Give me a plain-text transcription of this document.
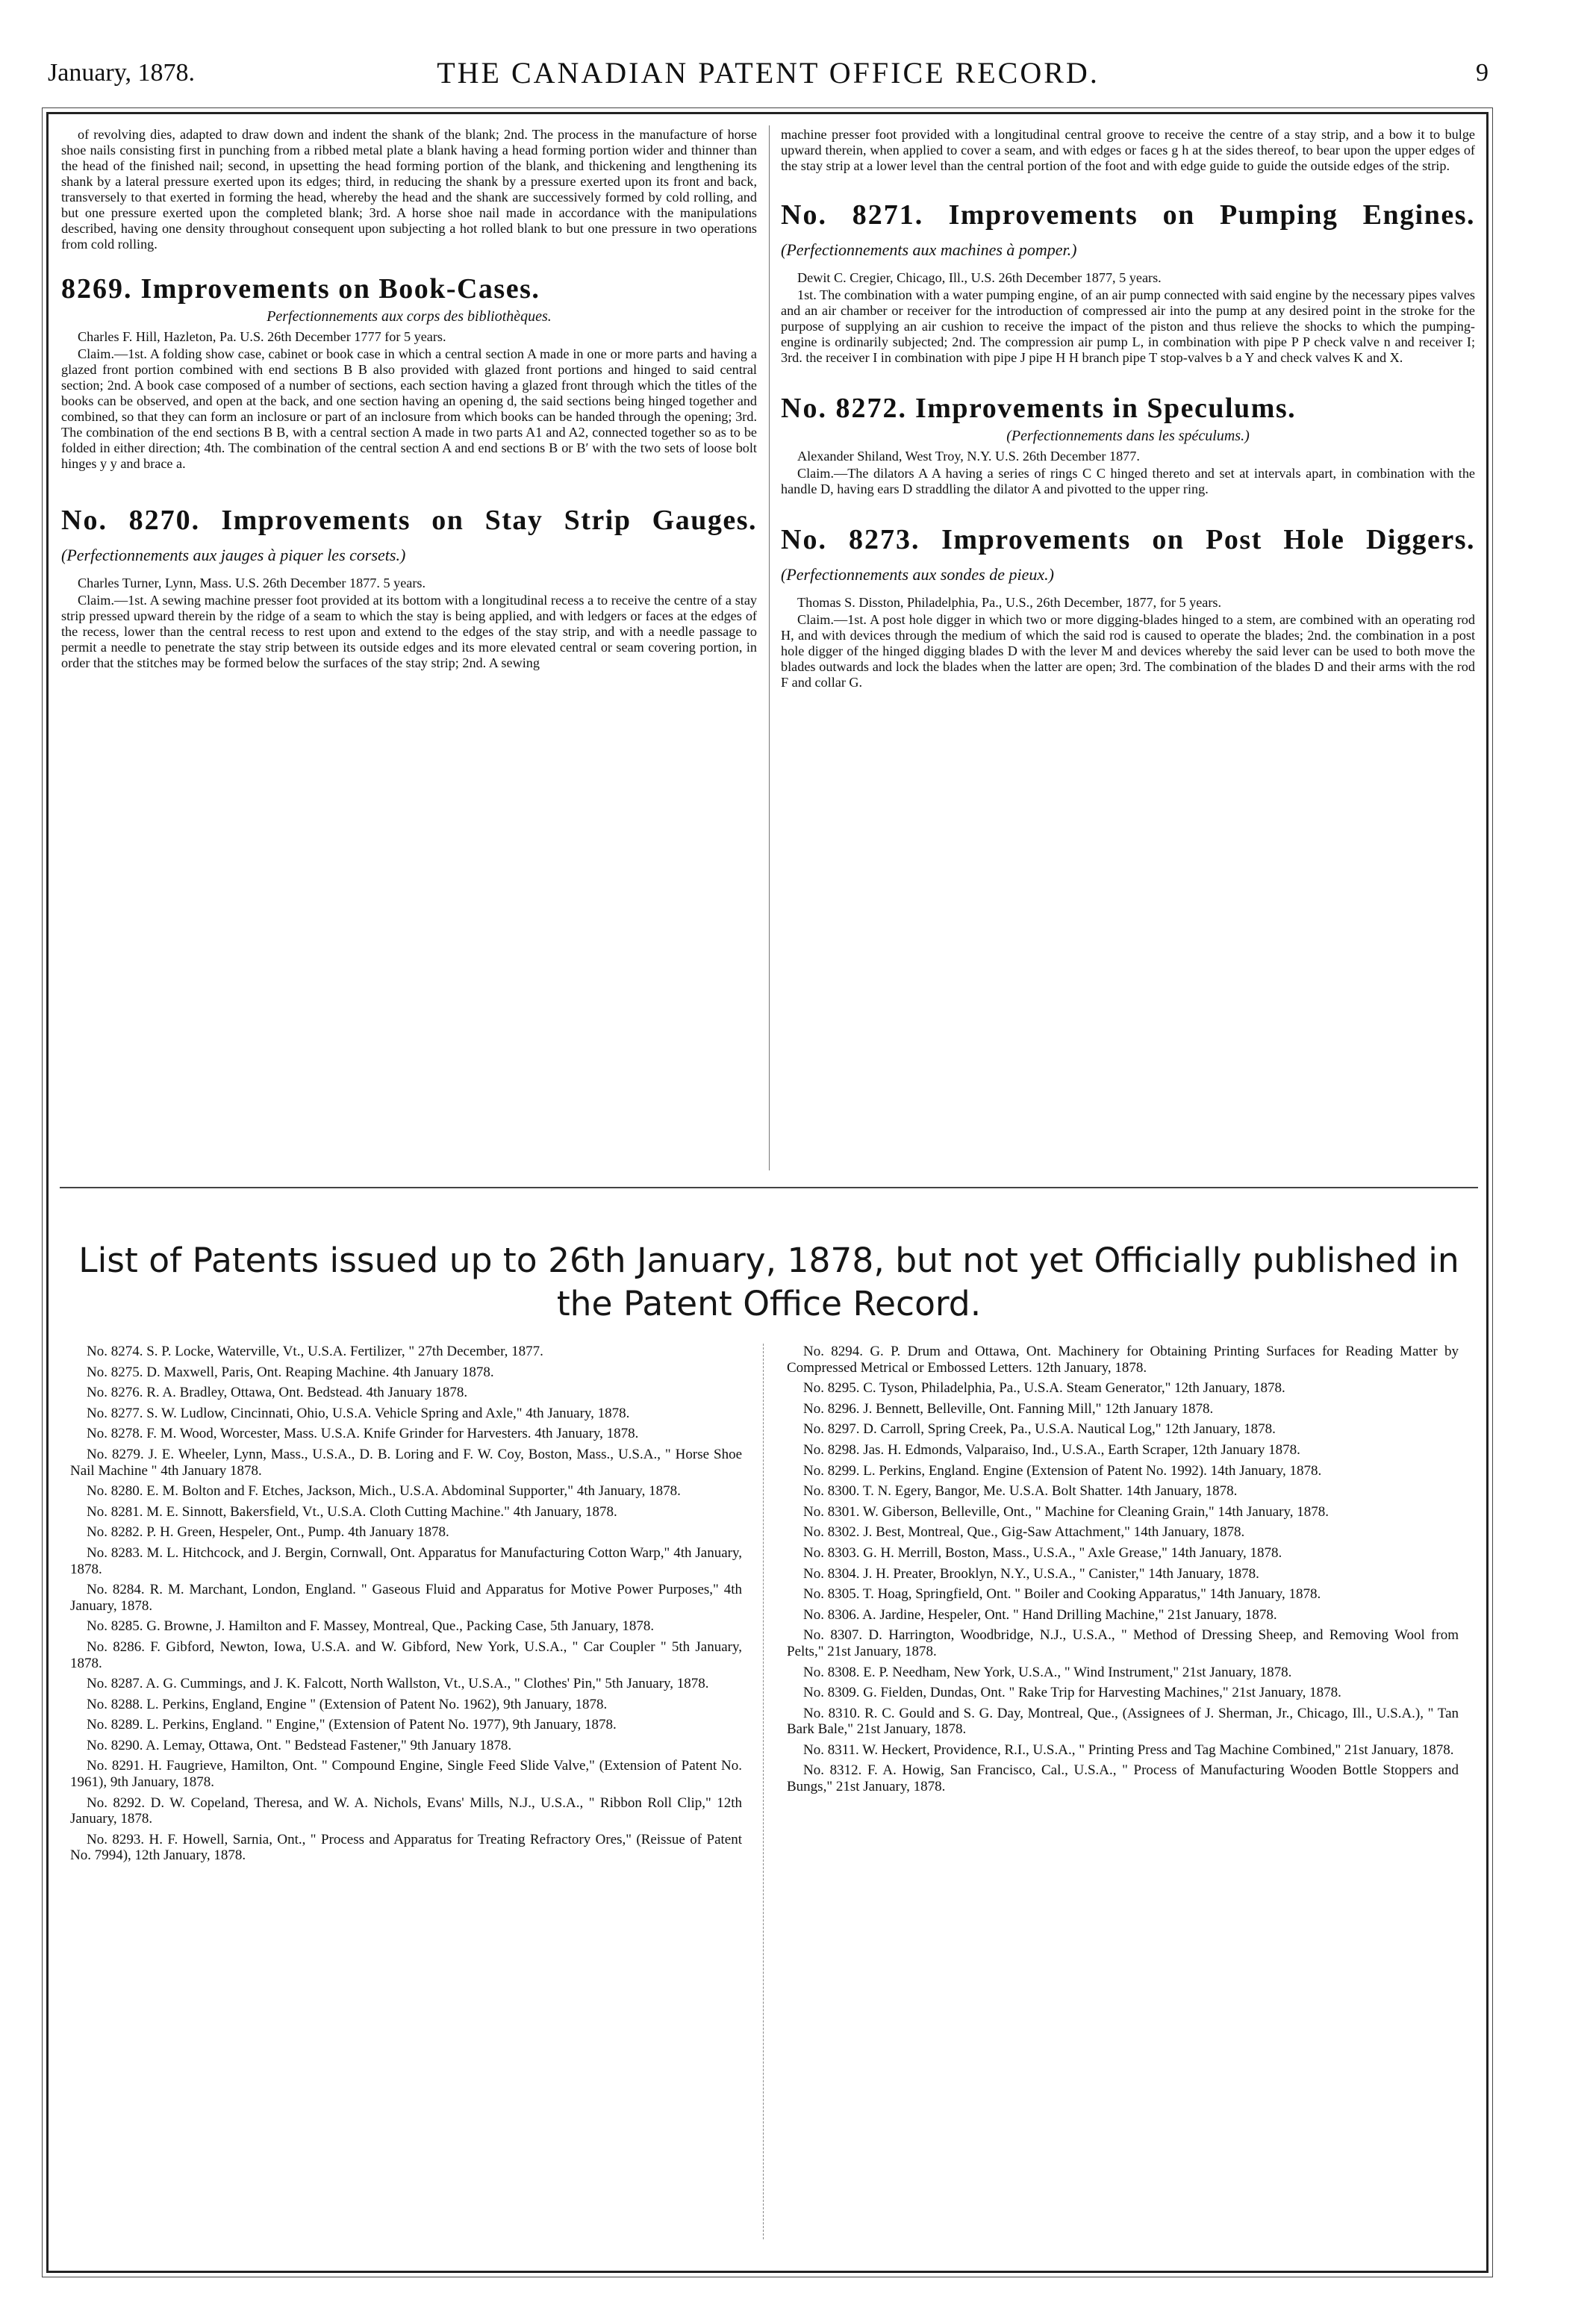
THE CANADIAN PATENT OFFICE RECORD.
January, 1878.	9

of revolving dies, adapted to draw down and indent the shank of the blank; 2nd. The process in the manufacture of horse shoe nails consisting first in punching from a ribbed metal plate a blank having a head forming portion wider and thinner than the head of the finished nail; second, in upsetting the head forming portion of the blank, and thickening and lengthening its shank by a lateral pressure exerted upon its edges; third, in reducing the shank by a pressure exerted upon its front and back, transversely to that exerted in forming the head, whereby the head and the shank are successively formed by cold rolling, and but one pressure exerted upon the completed blank; 3rd. A horse shoe nail made in accordance with the manipulations described, having one density throughout consequent upon subjecting a hot rolled blank to but one pressure in two operations from cold rolling.

8269. Improvements on Book-Cases.
Perfectionnements aux corps des bibliothèques.

Charles F. Hill, Hazleton, Pa. U.S. 26th December 1777 for 5 years.

Claim.—1st. A folding show case, cabinet or book case in which a central section A made in one or more parts and having a glazed front portion combined with end sections B B also provided with glazed front portions and hinged to said central section; 2nd. A book case composed of a number of sections, each section having a glazed front through which the titles of the books can be observed, and open at the back, and one section having an opening d, the said sections being hinged together and combined, so that they can form an inclosure or part of an inclosure from which books can be handed through the opening; 3rd. The combination of the end sections B B, with a central section A made in two parts A1 and A2, connected together so as to be folded in either direction; 4th. The combination of the central section A and end sections B or B′ with the two sets of loose bolt hinges y y and brace a.

No. 8270. Improvements on Stay Strip Gauges. (Perfectionnements aux jauges à piquer les corsets.)

Charles Turner, Lynn, Mass. U.S. 26th December 1877. 5 years.

Claim.—1st. A sewing machine presser foot provided at its bottom with a longitudinal recess a to receive the centre of a stay strip pressed upward therein by the ridge of a seam to which the stay is being applied, and with ledgers or faces at the edges of the recess, lower than the central recess to rest upon and extend to the edges of the stay strip, and with a needle passage to permit a needle to penetrate the stay strip between its outside edges and its more elevated central or seam covering portion, in order that the stitches may be formed below the surfaces of the stay strip; 2nd. A sewing

machine presser foot provided with a longitudinal central groove to receive the centre of a stay strip, and a bow it to bulge upward therein, when applied to cover a seam, and with edges or faces g h at the sides thereof, to bear upon the upper edges of the stay strip at a lower level than the central portion of the foot and with edge guide to guide the outside edges of the strip.

No. 8271. Improvements on Pumping Engines. (Perfectionnements aux machines à pomper.)

Dewit C. Cregier, Chicago, Ill., U.S. 26th December 1877, 5 years.

1st. The combination with a water pumping engine, of an air pump connected with said engine by the necessary pipes valves and an air chamber or receiver for the introduction of compressed air into the pump at any desired point in the stroke for the purpose of supplying an air cushion to receive the impact of the piston and thus relieve the shocks to which the pumping-engine is ordinarily subjected; 2nd. The compression air pump L, in combination with pipe P P check valve n and receiver I; 3rd. the receiver I in combination with pipe J pipe H H branch pipe T stop-valves b a Y and check valves K and X.

No. 8272. Improvements in Speculums.
(Perfectionnements dans les spéculums.)

Alexander Shiland, West Troy, N.Y. U.S. 26th December 1877.

Claim.—The dilators A A having a series of rings C C hinged thereto and set at intervals apart, in combination with the handle D, having ears D straddling the dilator A and pivotted to the upper ring.

No. 8273. Improvements on Post Hole Diggers. (Perfectionnements aux sondes de pieux.)

Thomas S. Disston, Philadelphia, Pa., U.S., 26th December, 1877, for 5 years.

Claim.—1st. A post hole digger in which two or more digging-blades hinged to a stem, are combined with an operating rod H, and with devices through the medium of which the said rod is caused to operate the blades; 2nd. the combination in a post hole digger of the hinged digging blades D with the lever M and devices whereby the said lever can be used to both move the blades outwards and lock the blades when the latter are open; 3rd. The combination of the blades D and their arms with the rod F and collar G.

List of Patents issued up to 26th January, 1878, but not yet Officially published in the Patent Office Record.

No. 8274. S. P. Locke, Waterville, Vt., U.S.A. Fertilizer, " 27th December, 1877.

No. 8275. D. Maxwell, Paris, Ont. Reaping Machine. 4th January 1878.

No. 8276. R. A. Bradley, Ottawa, Ont. Bedstead. 4th January 1878.

No. 8277. S. W. Ludlow, Cincinnati, Ohio, U.S.A. Vehicle Spring and Axle," 4th January, 1878.

No. 8278. F. M. Wood, Worcester, Mass. U.S.A. Knife Grinder for Harvesters. 4th January, 1878.

No. 8279. J. E. Wheeler, Lynn, Mass., U.S.A., D. B. Loring and F. W. Coy, Boston, Mass., U.S.A., " Horse Shoe Nail Machine " 4th January 1878.

No. 8280. E. M. Bolton and F. Etches, Jackson, Mich., U.S.A. Abdominal Supporter," 4th January, 1878.

No. 8281. M. E. Sinnott, Bakersfield, Vt., U.S.A. Cloth Cutting Machine." 4th January, 1878.

No. 8282. P. H. Green, Hespeler, Ont., Pump. 4th January 1878.

No. 8283. M. L. Hitchcock, and J. Bergin, Cornwall, Ont. Apparatus for Manufacturing Cotton Warp," 4th January, 1878.

No. 8284. R. M. Marchant, London, England. " Gaseous Fluid and Apparatus for Motive Power Purposes," 4th January, 1878.

No. 8285. G. Browne, J. Hamilton and F. Massey, Montreal, Que., Packing Case, 5th January, 1878.

No. 8286. F. Gibford, Newton, Iowa, U.S.A. and W. Gibford, New York, U.S.A., " Car Coupler " 5th January, 1878.

No. 8287. A. G. Cummings, and J. K. Falcott, North Wallston, Vt., U.S.A., " Clothes' Pin," 5th January, 1878.

No. 8288. L. Perkins, England, Engine " (Extension of Patent No. 1962), 9th January, 1878.

No. 8289. L. Perkins, England. " Engine," (Extension of Patent No. 1977), 9th January, 1878.

No. 8290. A. Lemay, Ottawa, Ont. " Bedstead Fastener," 9th January 1878.

No. 8291. H. Faugrieve, Hamilton, Ont. " Compound Engine, Single Feed Slide Valve," (Extension of Patent No. 1961), 9th January, 1878.

No. 8292. D. W. Copeland, Theresa, and W. A. Nichols, Evans' Mills, N.J., U.S.A., " Ribbon Roll Clip," 12th January, 1878.

No. 8293. H. F. Howell, Sarnia, Ont., " Process and Apparatus for Treating Refractory Ores," (Reissue of Patent No. 7994), 12th January, 1878.

No. 8294. G. P. Drum and Ottawa, Ont. Machinery for Obtaining Printing Surfaces for Reading Matter by Compressed Metrical or Embossed Letters. 12th January, 1878.

No. 8295. C. Tyson, Philadelphia, Pa., U.S.A. Steam Generator," 12th January, 1878.

No. 8296. J. Bennett, Belleville, Ont. Fanning Mill," 12th January 1878.

No. 8297. D. Carroll, Spring Creek, Pa., U.S.A. Nautical Log," 12th January, 1878.

No. 8298. Jas. H. Edmonds, Valparaiso, Ind., U.S.A., Earth Scraper, 12th January 1878.

No. 8299. L. Perkins, England. Engine (Extension of Patent No. 1992). 14th January, 1878.

No. 8300. T. N. Egery, Bangor, Me. U.S.A. Bolt Shatter. 14th January, 1878.

No. 8301. W. Giberson, Belleville, Ont., " Machine for Cleaning Grain," 14th January, 1878.

No. 8302. J. Best, Montreal, Que., Gig-Saw Attachment," 14th January, 1878.

No. 8303. G. H. Merrill, Boston, Mass., U.S.A., " Axle Grease," 14th January, 1878.

No. 8304. J. H. Preater, Brooklyn, N.Y., U.S.A., " Canister," 14th January, 1878.

No. 8305. T. Hoag, Springfield, Ont. " Boiler and Cooking Apparatus," 14th January, 1878.

No. 8306. A. Jardine, Hespeler, Ont. " Hand Drilling Machine," 21st January, 1878.

No. 8307. D. Harrington, Woodbridge, N.J., U.S.A., " Method of Dressing Sheep, and Removing Wool from Pelts," 21st January, 1878.

No. 8308. E. P. Needham, New York, U.S.A., " Wind Instrument," 21st January, 1878.

No. 8309. G. Fielden, Dundas, Ont. " Rake Trip for Harvesting Machines," 21st January, 1878.

No. 8310. R. C. Gould and S. G. Day, Montreal, Que., (Assignees of J. Sherman, Jr., Chicago, Ill., U.S.A.), " Tan Bark Bale," 21st January, 1878.

No. 8311. W. Heckert, Providence, R.I., U.S.A., " Printing Press and Tag Machine Combined," 21st January, 1878.

No. 8312. F. A. Howig, San Francisco, Cal., U.S.A., " Process of Manufacturing Wooden Bottle Stoppers and Bungs," 21st January, 1878.
